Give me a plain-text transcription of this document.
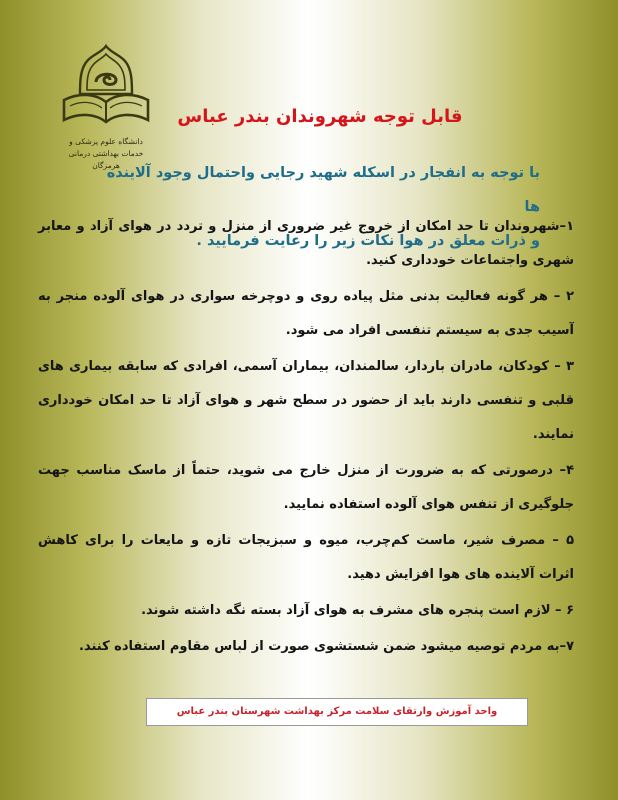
دانشگاه علوم پزشکی و
خدمات بهداشتی درمانی هرمزگان
قابل توجه شهروندان بندر عباس
با توجه به انفجار در اسکله شهید رجایی واحتمال وجود آلاینده ها
و ذرات معلق در هوا نکات زیر را رعایت فرمایید .
۱–شهروندان تا حد امکان از خروج غیر ضروری از منزل و تردد در هوای آزاد و معابر شهری واجتماعات خودداری کنید.
۲ – هر گونه فعالیت بدنی مثل پیاده روی و دوچرخه سواری در هوای آلوده منجر به آسیب جدی به سیستم تنفسی افراد می شود.
۳ – کودکان، مادران باردار، سالمندان، بیماران آسمی، افرادی که سابقه بیماری های قلبی و تنفسی دارند باید از حضور در سطح شهر و هوای آزاد تا حد امکان خودداری نمایند.
۴– درصورتی که به ضرورت از منزل خارج می شوید، حتماً از ماسک مناسب جهت جلوگیری از تنفس هوای آلوده استفاده نمایید.
۵ – مصرف شیر، ماست کم‌چرب، میوه و سبزیجات تازه و مایعات را برای کاهش اثرات آلاینده های هوا افزایش دهید.
۶ – لازم است پنجره های مشرف به هوای آزاد بسته نگه داشته شوند.
۷–به مردم توصیه میشود ضمن شستشوی صورت از لباس مقاوم استفاده کنند.
واحد آموزش وارتقای سلامت مرکز بهداشت شهرستان بندر عباس
